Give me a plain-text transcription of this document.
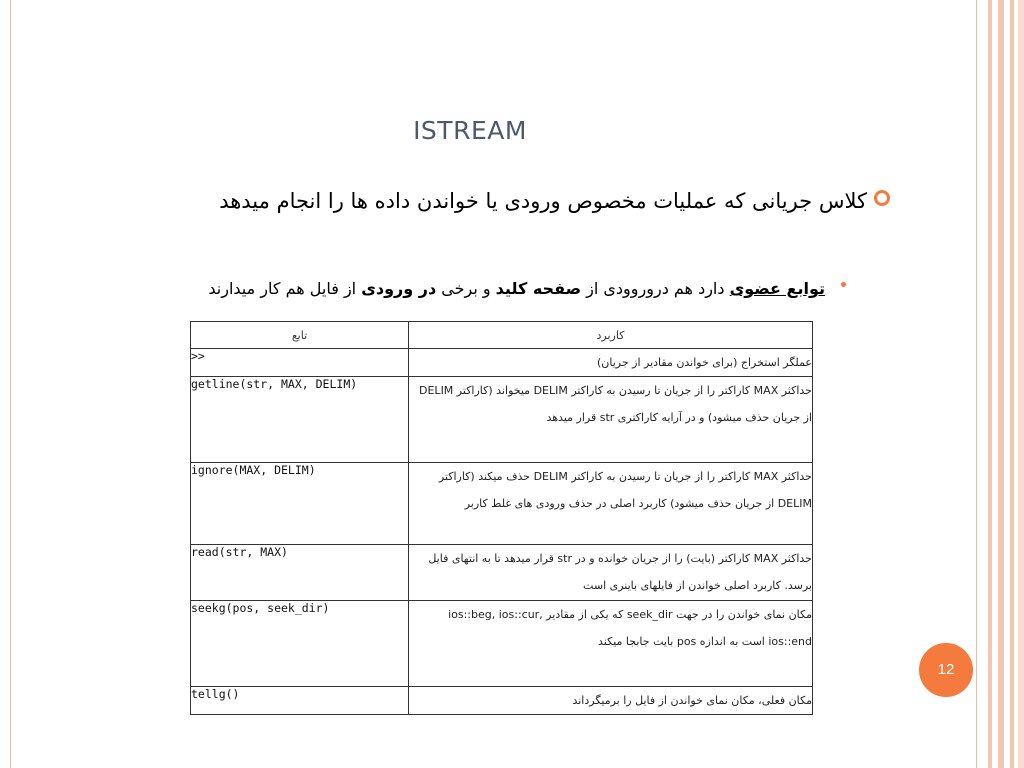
ISTREAM
کلاس جریانی که عملیات مخصوص ورودی یا خواندن داده ها را انجام میدهد
توابع عضوی دارد هم دروروودی از صفحه کلید و برخی در ورودی از فایل هم کار میدارند
تابع	کاربرد
>>	عملگر استخراج (برای خواندن مقادیر از جریان)
getline(str, MAX, DELIM)	حداکثر MAX کاراکتر را از جریان تا رسیدن به کاراکتر DELIM میخواند (کاراکتر DELIM از جریان حذف میشود) و در آرایه کاراکتری str قرار میدهد
ignore(MAX, DELIM)	حداکثر MAX کاراکتر را از جریان تا رسیدن به کاراکتر DELIM حذف میکند (کاراکتر DELIM از جریان حذف میشود) کاربرد اصلی در حذف ورودی های غلط کاربر
read(str, MAX)	حداکثر MAX کاراکتر (بایت) را از جریان خوانده و در str قرار میدهد تا به انتهای فایل برسد. کاربرد اصلی خواندن از فایلهای باینری است
seekg(pos, seek_dir)	مکان نمای خواندن را در جهت seek_dir که یکی از مقادیر ios::beg, ios::cur, ios::end است به اندازه pos بایت جابجا میکند
tellg()	مکان فعلی، مکان نمای خواندن از فایل را برمیگرداند
12
